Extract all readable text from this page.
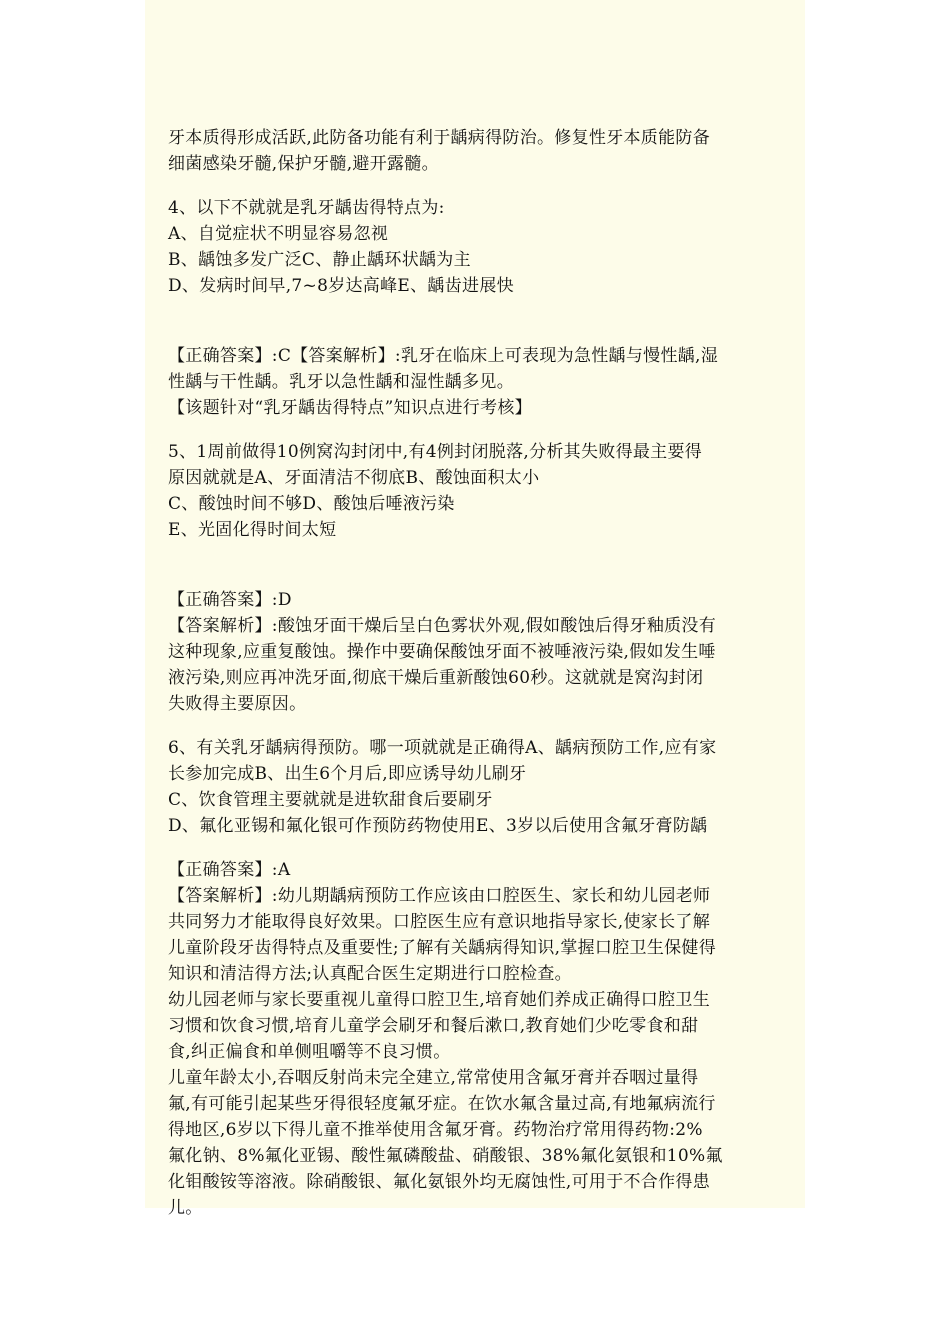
牙本质得形成活跃,此防备功能有利于龋病得防治。修复性牙本质能防备
细菌感染牙髓,保护牙髓,避开露髓。
4、以下不就就是乳牙龋齿得特点为:
A、自觉症状不明显容易忽视
B、龋蚀多发广泛C、静止龋环状龋为主
D、发病时间早,7~8岁达高峰E、龋齿进展快
【正确答案】:C【答案解析】:乳牙在临床上可表现为急性龋与慢性龋,湿
性龋与干性龋。乳牙以急性龋和湿性龋多见。
【该题针对“乳牙龋齿得特点”知识点进行考核】
5、1周前做得10例窝沟封闭中,有4例封闭脱落,分析其失败得最主要得
原因就就是A、牙面清洁不彻底B、酸蚀面积太小
C、酸蚀时间不够D、酸蚀后唾液污染
E、光固化得时间太短
【正确答案】:D
【答案解析】:酸蚀牙面干燥后呈白色雾状外观,假如酸蚀后得牙釉质没有
这种现象,应重复酸蚀。操作中要确保酸蚀牙面不被唾液污染,假如发生唾
液污染,则应再冲洗牙面,彻底干燥后重新酸蚀60秒。这就就是窝沟封闭
失败得主要原因。
6、有关乳牙龋病得预防。哪一项就就是正确得A、龋病预防工作,应有家
长参加完成B、出生6个月后,即应诱导幼儿刷牙
C、饮食管理主要就就是进软甜食后要刷牙
D、氟化亚锡和氟化银可作预防药物使用E、3岁以后使用含氟牙膏防龋
【正确答案】:A
【答案解析】:幼儿期龋病预防工作应该由口腔医生、家长和幼儿园老师
共同努力才能取得良好效果。口腔医生应有意识地指导家长,使家长了解
儿童阶段牙齿得特点及重要性;了解有关龋病得知识,掌握口腔卫生保健得
知识和清洁得方法;认真配合医生定期进行口腔检查。
幼儿园老师与家长要重视儿童得口腔卫生,培育她们养成正确得口腔卫生
习惯和饮食习惯,培育儿童学会刷牙和餐后漱口,教育她们少吃零食和甜
食,纠正偏食和单侧咀嚼等不良习惯。
儿童年龄太小,吞咽反射尚未完全建立,常常使用含氟牙膏并吞咽过量得
氟,有可能引起某些牙得很轻度氟牙症。在饮水氟含量过高,有地氟病流行
得地区,6岁以下得儿童不推举使用含氟牙膏。药物治疗常用得药物:2%
氟化钠、8%氟化亚锡、酸性氟磷酸盐、硝酸银、38%氟化氨银和10%氟
化钼酸铵等溶液。除硝酸银、氟化氨银外均无腐蚀性,可用于不合作得患
儿。
